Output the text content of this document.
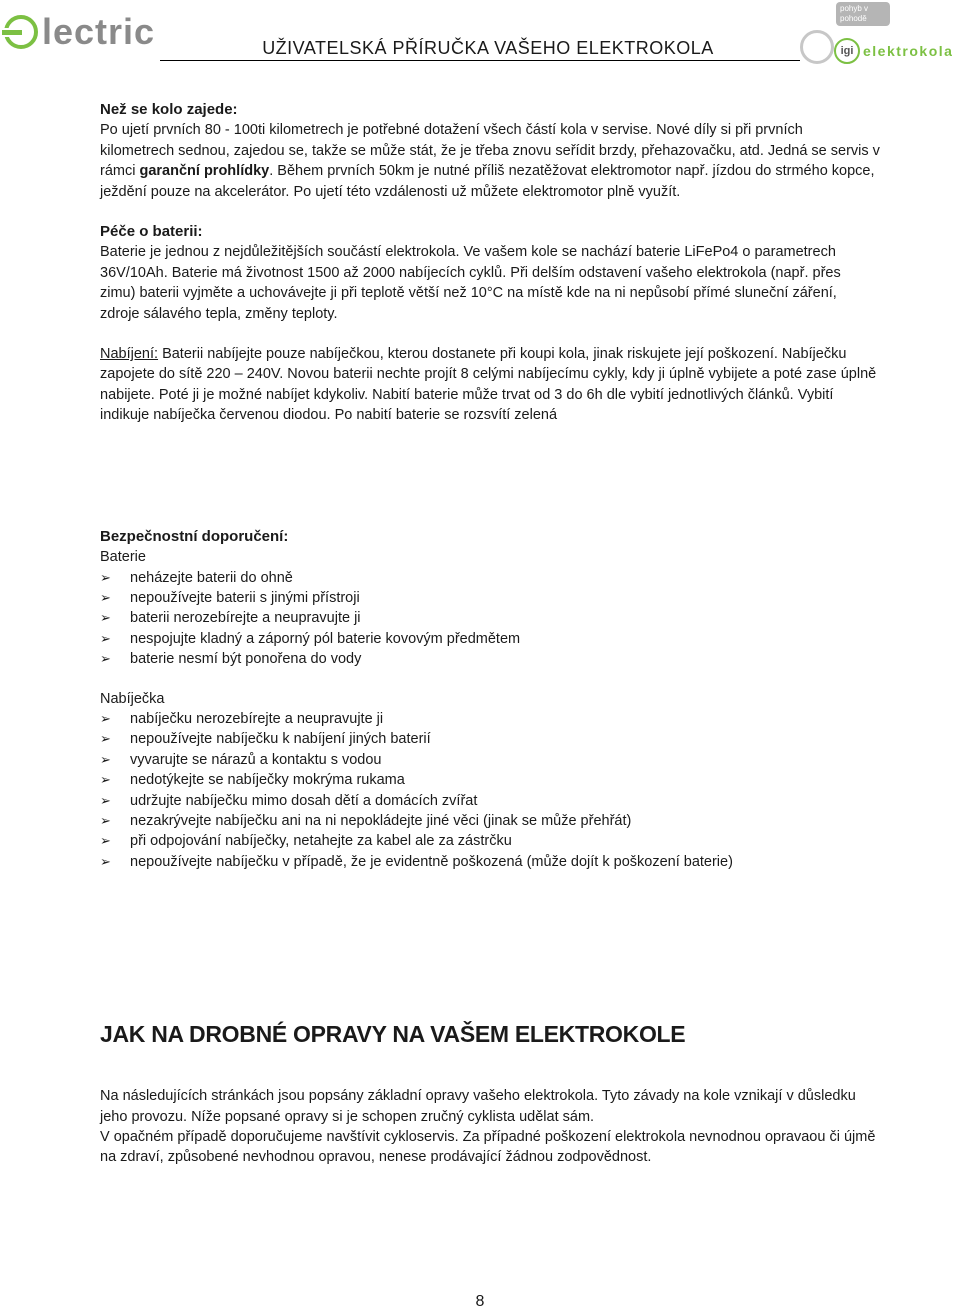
lectric	UŽIVATELSKÁ PŘÍRUČKA VAŠEHO ELEKTROKOLA
pohyb v pohodě
igi elektrokola

Než se kolo zajede:

Po ujetí prvních 80 - 100ti kilometrech je potřebné dotažení všech částí kola v servise. Nové díly si při prvních kilometrech sednou, zajedou se, takže se může stát, že je třeba znovu seřídit brzdy, přehazovačku, atd. Jedná se servis v rámci garanční prohlídky. Během prvních 50km je nutné příliš nezatěžovat elektromotor např. jízdou do strmého kopce, ježdění pouze na akcelerátor. Po ujetí této vzdálenosti už můžete elektromotor plně využít.

Péče o baterii:

Baterie je jednou z nejdůležitějších součástí elektrokola. Ve vašem kole se nachází baterie LiFePo4 o parametrech 36V/10Ah. Baterie má životnost 1500 až 2000 nabíjecích cyklů. Při delším odstavení vašeho elektrokola (např. přes zimu) baterii vyjměte a uchovávejte ji při teplotě větší než 10°C na místě kde na ni nepůsobí přímé sluneční záření, zdroje sálavého tepla, změny teploty.

Nabíjení: Baterii nabíjejte pouze nabíječkou, kterou dostanete při koupi kola, jinak riskujete její poškození. Nabíječku zapojete do sítě 220 – 240V. Novou baterii nechte projít 8 celými nabíjecímu cykly, kdy ji úplně vybijete a poté zase úplně nabijete. Poté ji je možné nabíjet kdykoliv. Nabití baterie může trvat od 3 do 6h dle vybití jednotlivých článků. Vybití indikuje nabíječka červenou diodou. Po nabití baterie se rozsvítí zelená

Bezpečnostní doporučení:

Baterie

➢ neházejte baterii do ohně
➢ nepoužívejte baterii s jinými přístroji
➢ baterii nerozebírejte a neupravujte ji
➢ nespojujte kladný a záporný pól baterie kovovým předmětem
➢ baterie nesmí být ponořena do vody

Nabíječka

➢ nabíječku nerozebírejte a neupravujte ji
➢ nepoužívejte nabíječku k nabíjení jiných baterií
➢ vyvarujte se nárazů a kontaktu s vodou
➢ nedotýkejte se nabíječky mokrýma rukama
➢ udržujte nabíječku mimo dosah dětí a domácích zvířat
➢ nezakrývejte nabíječku ani na ni nepokládejte jiné věci (jinak se může přehřát)
➢ při odpojování nabíječky, netahejte za kabel ale za zástrčku
➢ nepoužívejte nabíječku v případě, že je evidentně poškozená (může dojít k poškození baterie)

JAK NA DROBNÉ OPRAVY NA VAŠEM ELEKTROKOLE

Na následujících stránkách jsou popsány základní opravy vašeho elektrokola. Tyto závady na kole vznikají v důsledku jeho provozu. Níže popsané opravy si je schopen zručný cyklista udělat sám.

V opačném případě doporučujeme navštívit cykloservis. Za případné poškození elektrokola nevnodnou opravaou či újmě na zdraví, způsobené nevhodnou opravou, nenese prodávající žádnou zodpovědnost.

8
